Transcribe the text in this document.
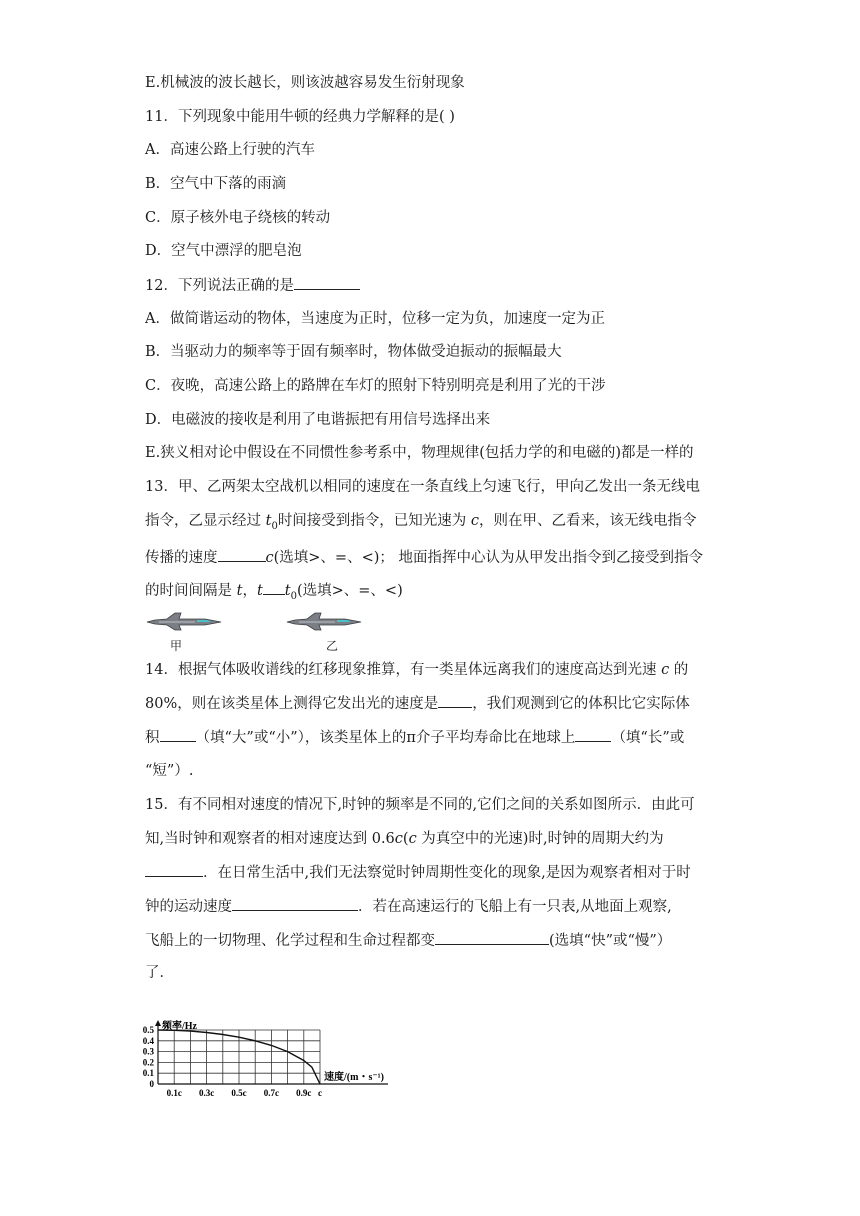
E.机械波的波长越长，则该波越容易发生衍射现象
11．下列现象中能用牛顿的经典力学解释的是( )
A．高速公路上行驶的汽车
B．空气中下落的雨滴
C．原子核外电子绕核的转动
D．空气中漂浮的肥皂泡
12．下列说法正确的是
A．做简谐运动的物体，当速度为正时，位移一定为负，加速度一定为正
B．当驱动力的频率等于固有频率时，物体做受迫振动的振幅最大
C．夜晚，高速公路上的路牌在车灯的照射下特别明亮是利用了光的干涉
D．电磁波的接收是利用了电谐振把有用信号选择出来
E.狭义相对论中假设在不同惯性参考系中，物理规律(包括力学的和电磁的)都是一样的
13．甲、乙两架太空战机以相同的速度在一条直线上匀速飞行，甲向乙发出一条无线电
指令，乙显示经过 $t_0$时间接受到指令，已知光速为 c，则在甲、乙看来，该无线电指令
传播的速度	c(选填>、=、<)； 地面指挥中心认为从甲发出指令到乙接受到指令
的时间间隔是 t，t $t_0$(选填>、=、<)
甲	乙
14．根据气体吸收谱线的红移现象推算，有一类星体远离我们的速度高达到光速 c 的
80%，则在该类星体上测得它发出光的速度是 ，我们观测到它的体积比它实际体
积 （填“大”或“小”），该类星体上的π介子平均寿命比在地球上 （填“长”或
“短”）.
15．有不同相对速度的情况下,时钟的频率是不同的,它们之间的关系如图所示．由此可
知,当时钟和观察者的相对速度达到 0.6c(c 为真空中的光速)时,时钟的周期大约为
．在日常生活中,我们无法察觉时钟周期性变化的现象,是因为观察者相对于时
钟的运动速度	．若在高速运行的飞船上有一只表,从地面上观察,
飞船上的一切物理、化学过程和生命过程都变	(选填“快”或“慢”）
了．
0
0.1
0.2
0.3
0.4
0.5
0.1c 0.3c 0.5c 0.7c 0.9c c
频率/Hz
速度/(m・s⁻¹)
